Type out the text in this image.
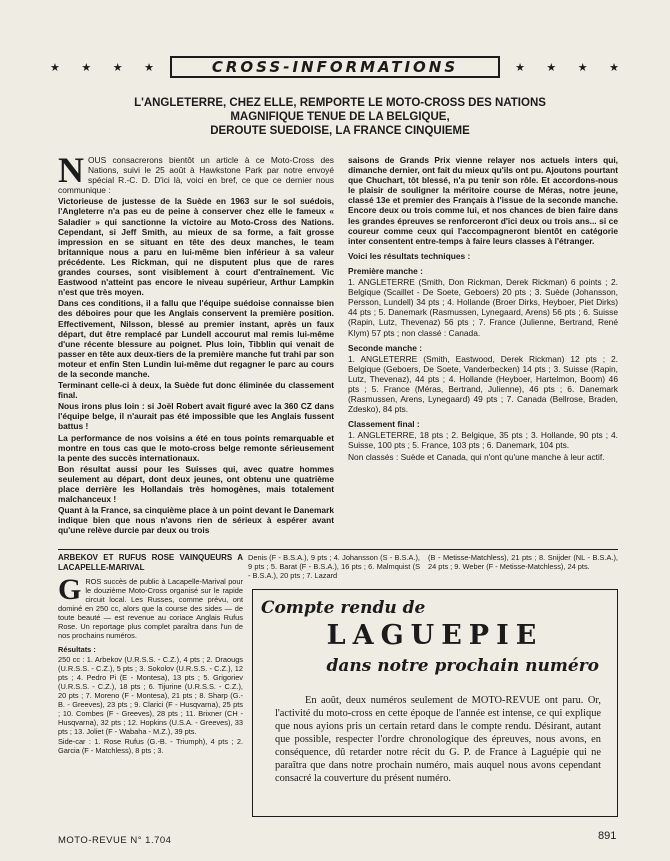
★ ★ ★ ★	CROSS-INFORMATIONS	★ ★ ★ ★
L'ANGLETERRE, CHEZ ELLE, REMPORTE LE MOTO-CROSS DES NATIONS
MAGNIFIQUE TENUE DE LA BELGIQUE,
DEROUTE SUEDOISE, LA FRANCE CINQUIEME

NOUS consacrerons bientôt un article à ce Moto-Cross des Nations, suivi le 25 août à Hawkstone Park par notre envoyé spécial R.-C. D. D'ici là, voici en bref, ce que ce dernier nous communique :

Victorieuse de justesse de la Suède en 1963 sur le sol suédois, l'Angleterre n'a pas eu de peine à conserver chez elle le fameux « Saladier » qui sanctionne la victoire au Moto-Cross des Nations. Cependant, si Jeff Smith, au mieux de sa forme, a fait grosse impression en se situant en tête des deux manches, le team britannique nous a paru en lui-même bien inférieur à sa valeur précédente. Les Rickman, qui ne disputent plus que de rares grandes courses, sont visiblement à court d'entraînement. Vic Eastwood n'atteint pas encore le niveau supérieur, Arthur Lampkin n'est que très moyen.

Dans ces conditions, il a fallu que l'équipe suédoise connaisse bien des déboires pour que les Anglais conservent la première position. Effectivement, Nilsson, blessé au premier instant, après un faux départ, dut être remplacé par Lundell accourut mal remis lui-même d'une récente blessure au poignet. Plus loin, Tibblin qui venait de passer en tête aux deux-tiers de la première manche fut trahi par son moteur et enfin Sten Lundin lui-même dut regagner le parc au cours de la seconde manche.

Terminant celle-ci à deux, la Suède fut donc éliminée du classement final.

Nous irons plus loin : si Joël Robert avait figuré avec la 360 CZ dans l'équipe belge, il n'aurait pas été impossible que les Anglais fussent battus !

La performance de nos voisins a été en tous points remarquable et montre en tous cas que le moto-cross belge remonte sérieusement la pente des succès internationaux.

Bon résultat aussi pour les Suisses qui, avec quatre hommes seulement au départ, dont deux jeunes, ont obtenu une quatrième place derrière les Hollandais très homogènes, mais totalement malchanceux !

Quant à la France, sa cinquième place à un point devant le Danemark indique bien que nous n'avons rien de sérieux à espérer avant qu'une relève durcie par deux ou trois

saisons de Grands Prix vienne relayer nos actuels inters qui, dimanche dernier, ont fait du mieux qu'ils ont pu. Ajoutons pourtant que Chuchart, tôt blessé, n'a pu tenir son rôle. Et accordons-nous le plaisir de souligner la méritoire course de Méras, notre jeune, classé 13e et premier des Français à l'issue de la seconde manche. Encore deux ou trois comme lui, et nos chances de bien faire dans les grandes épreuves se renforceront d'ici deux ou trois ans... si ce coureur comme ceux qui l'accompagneront bientôt en catégorie inter consentent entre-temps à faire leurs classes à l'étranger.

Voici les résultats techniques :

Première manche :

1. ANGLETERRE (Smith, Don Rickman, Derek Rickman) 6 points ; 2. Belgique (Scaillet - De Soete, Geboers) 20 pts ; 3. Suède (Johansson, Persson, Lundell) 34 pts ; 4. Hollande (Broer Dirks, Heyboer, Piet Dirks) 44 pts ; 5. Danemark (Rasmussen, Lynegaard, Arens) 56 pts ; 6. Suisse (Rapin, Lutz, Thevenaz) 56 pts ; 7. France (Julienne, Bertrand, René Klym) 57 pts ; non classé : Canada.

Seconde manche :

1. ANGLETERRE (Smith, Eastwood, Derek Rickman) 12 pts ; 2. Belgique (Geboers, De Soete, Vanderbecken) 14 pts ; 3. Suisse (Rapin, Lutz, Thevenaz), 44 pts ; 4. Hollande (Heyboer, Hartelmon, Boom) 46 pts ; 5. France (Méras, Bertrand, Julienne), 46 pts ; 6. Danemark (Rasmussen, Arens, Lynegaard) 49 pts ; 7. Canada (Bellrose, Braden, Zdesko), 84 pts.

Classement final :

1. ANGLETERRE, 18 pts ; 2. Belgique, 35 pts ; 3. Hollande, 90 pts ; 4. Suisse, 100 pts ; 5. France, 103 pts ; 6. Danemark, 104 pts.

Non classés : Suède et Canada, qui n'ont qu'une manche à leur actif.

ARBEKOV ET RUFUS ROSE VAINQUEURS A LACAPELLE-MARIVAL

GROS succès de public à Lacapelle-Marival pour le douzième Moto-Cross organisé sur le rapide circuit local. Les Russes, comme prévu, ont dominé en 250 cc, alors que la course des sides — de toute beauté — est revenue au coriace Anglais Rufus Rose. Un reportage plus complet paraîtra dans l'un de nos prochains numéros.

Résultats :

250 cc : 1. Arbekov (U.R.S.S. - C.Z.), 4 pts ; 2. Draougs (U.R.S.S. - C.Z.), 5 pts ; 3. Sokolov (U.R.S.S. - C.Z.), 12 pts ; 4. Pedro Pi (E - Montesa), 13 pts ; 5. Grigoriev (U.R.S.S. - C.Z.), 18 pts ; 6. Tijurine (U.R.S.S. - C.Z.), 20 pts ; 7. Moreno (F - Montesa), 21 pts ; 8. Sharp (G.-B. - Greeves), 23 pts ; 9. Clarici (F - Husqvarna), 25 pts ; 10. Combes (F - Greeves), 28 pts ; 11. Brixner (CH - Husqvarna), 32 pts ; 12. Hopkins (U.S.A. - Greeves), 33 pts ; 13. Joliet (F - Wabaha - M.Z.), 39 pts.

Side-car : 1. Rose Rufus (G.-B. - Triumph), 4 pts ; 2. Garcia (F - Matchless), 8 pts ; 3.

Denis (F - B.S.A.), 9 pts ; 4. Johansson (S - B.S.A.), 9 pts ; 5. Barat (F - B.S.A.), 16 pts ; 6. Malmquist (S - B.S.A.), 20 pts ; 7. Lazard

(B - Metisse-Matchless), 21 pts ; 8. Snijder (NL - B.S.A.), 24 pts ; 9. Weber (F - Metisse-Matchless), 24 pts.

Compte rendu de
LAGUEPIE
dans notre prochain numéro

En août, deux numéros seulement de MOTO-REVUE ont paru. Or, l'activité du moto-cross en cette époque de l'année est intense, ce qui explique que nous ayions pris un certain retard dans le compte rendu. Désirant, autant que possible, respecter l'ordre chronologique des épreuves, nous avons, en conséquence, dû retarder notre récit du G. P. de France à Laguépie qui ne paraîtra que dans notre prochain numéro, mais auquel nous avons cependant consacré la couverture du présent numéro.

MOTO-REVUE N° 1.704	891
